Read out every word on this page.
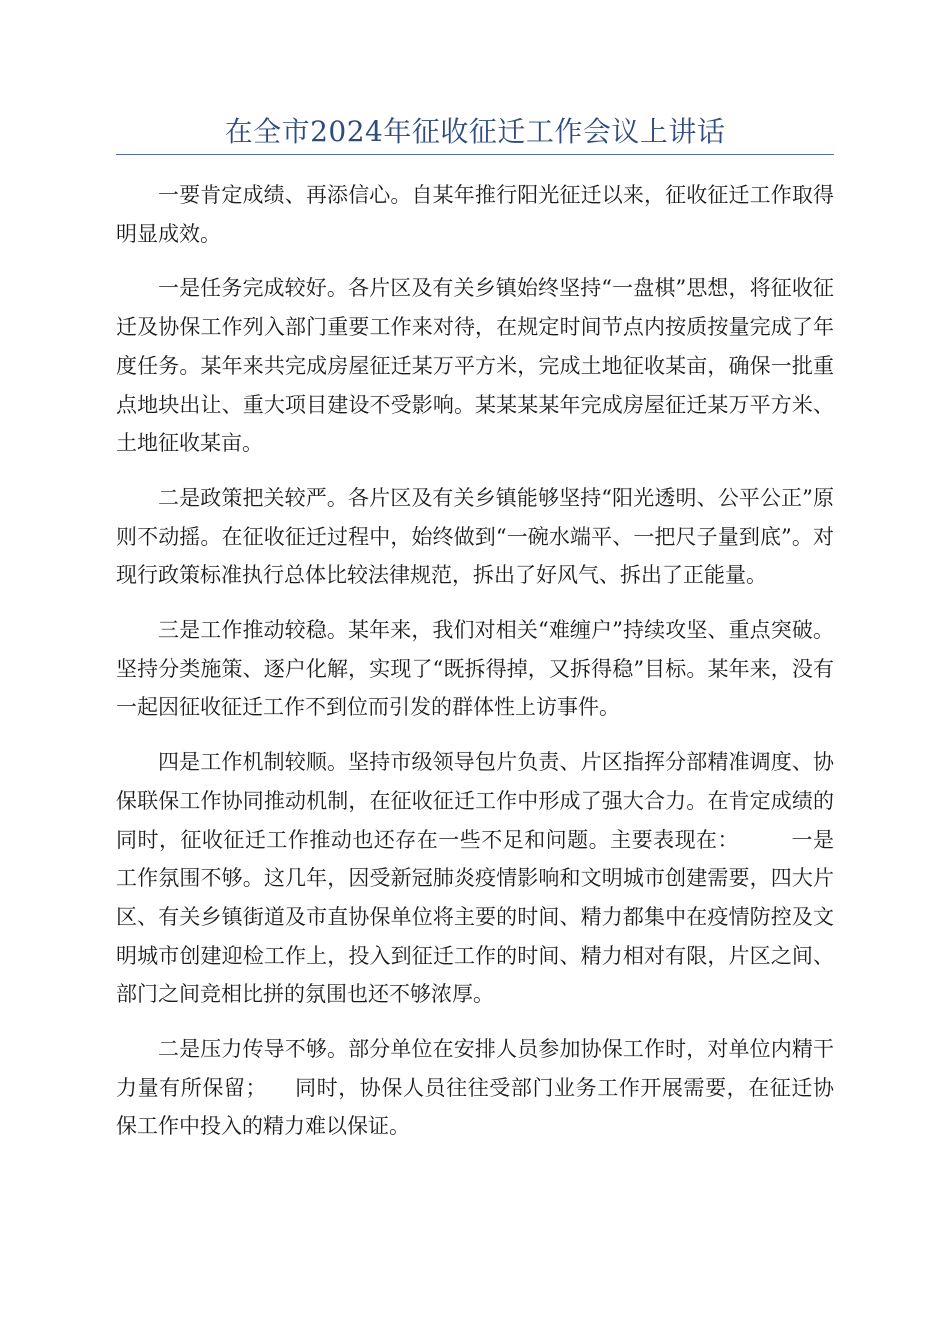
在全市2024年征收征迁工作会议上讲话

一要肯定成绩、再添信心。自某年推行阳光征迁以来，征收征迁工作取得明显成效。

一是任务完成较好。各片区及有关乡镇始终坚持“一盘棋”思想，将征收征迁及协保工作列入部门重要工作来对待，在规定时间节点内按质按量完成了年度任务。某年来共完成房屋征迁某万平方米，完成土地征收某亩，确保一批重点地块出让、重大项目建设不受影响。某某某某年完成房屋征迁某万平方米、土地征收某亩。

二是政策把关较严。各片区及有关乡镇能够坚持“阳光透明、公平公正”原则不动摇。在征收征迁过程中，始终做到“一碗水端平、一把尺子量到底”。对现行政策标准执行总体比较法律规范，拆出了好风气、拆出了正能量。

三是工作推动较稳。某年来，我们对相关“难缠户”持续攻坚、重点突破。坚持分类施策、逐户化解，实现了“既拆得掉，又拆得稳”目标。某年来，没有一起因征收征迁工作不到位而引发的群体性上访事件。

四是工作机制较顺。坚持市级领导包片负责、片区指挥分部精准调度、协保联保工作协同推动机制，在征收征迁工作中形成了强大合力。在肯定成绩的同时，征收征迁工作推动也还存在一些不足和问题。主要表现在： 一是工作氛围不够。这几年，因受新冠肺炎疫情影响和文明城市创建需要，四大片区、有关乡镇街道及市直协保单位将主要的时间、精力都集中在疫情防控及文明城市创建迎检工作上，投入到征迁工作的时间、精力相对有限，片区之间、部门之间竞相比拼的氛围也还不够浓厚。

二是压力传导不够。部分单位在安排人员参加协保工作时，对单位内精干力量有所保留； 同时，协保人员往往受部门业务工作开展需要，在征迁协保工作中投入的精力难以保证。
